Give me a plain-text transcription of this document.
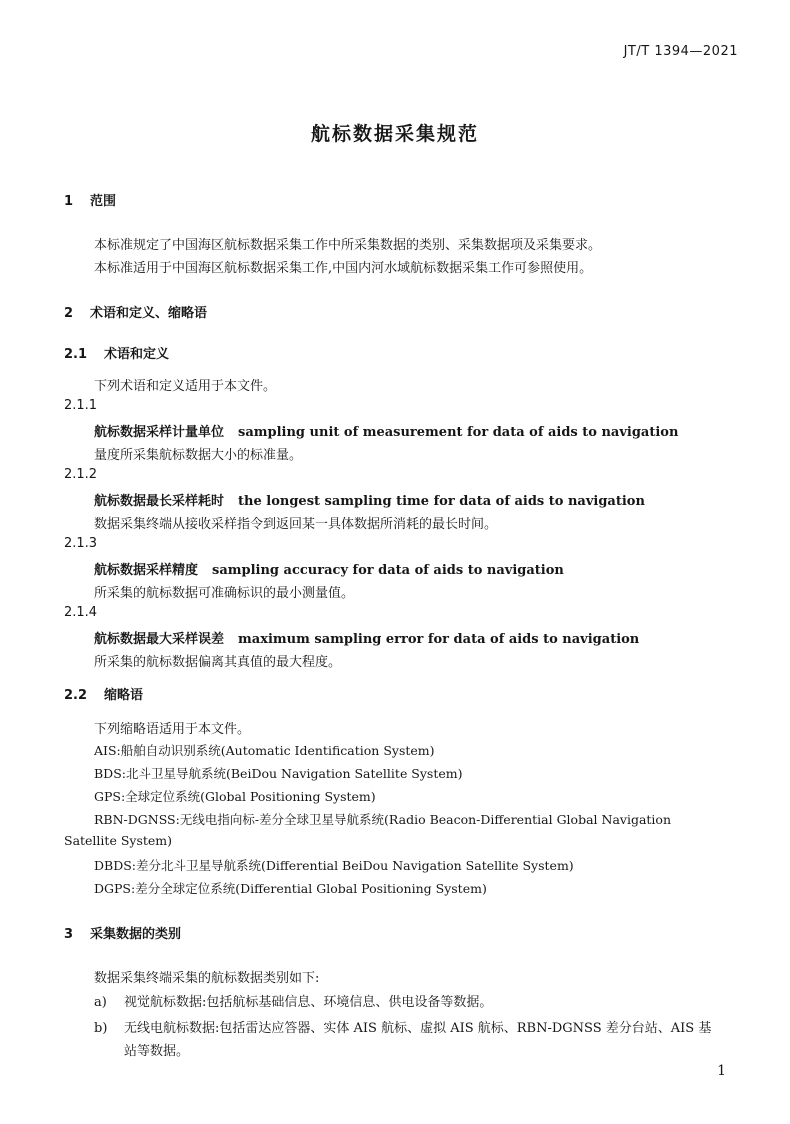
JT/T 1394—2021
航标数据采集规范
1 范围
本标准规定了中国海区航标数据采集工作中所采集数据的类别、采集数据项及采集要求。
本标准适用于中国海区航标数据采集工作,中国内河水域航标数据采集工作可参照使用。
2 术语和定义、缩略语
2.1 术语和定义
下列术语和定义适用于本文件。
2.1.1
航标数据采样计量单位 sampling unit of measurement for data of aids to navigation
量度所采集航标数据大小的标准量。
2.1.2
航标数据最长采样耗时 the longest sampling time for data of aids to navigation
数据采集终端从接收采样指令到返回某一具体数据所消耗的最长时间。
2.1.3
航标数据采样精度 sampling accuracy for data of aids to navigation
所采集的航标数据可准确标识的最小测量值。
2.1.4
航标数据最大采样误差 maximum sampling error for data of aids to navigation
所采集的航标数据偏离其真值的最大程度。
2.2 缩略语
下列缩略语适用于本文件。
AIS:船舶自动识别系统(Automatic Identification System)
BDS:北斗卫星导航系统(BeiDou Navigation Satellite System)
GPS:全球定位系统(Global Positioning System)
RBN-DGNSS:无线电指向标-差分全球卫星导航系统(Radio Beacon-Differential Global Navigation
Satellite System)
DBDS:差分北斗卫星导航系统(Differential BeiDou Navigation Satellite System)
DGPS:差分全球定位系统(Differential Global Positioning System)
3 采集数据的类别
数据采集终端采集的航标数据类别如下:
a) 视觉航标数据:包括航标基础信息、环境信息、供电设备等数据。
b) 无线电航标数据:包括雷达应答器、实体 AIS 航标、虚拟 AIS 航标、RBN-DGNSS 差分台站、AIS 基
站等数据。
1
